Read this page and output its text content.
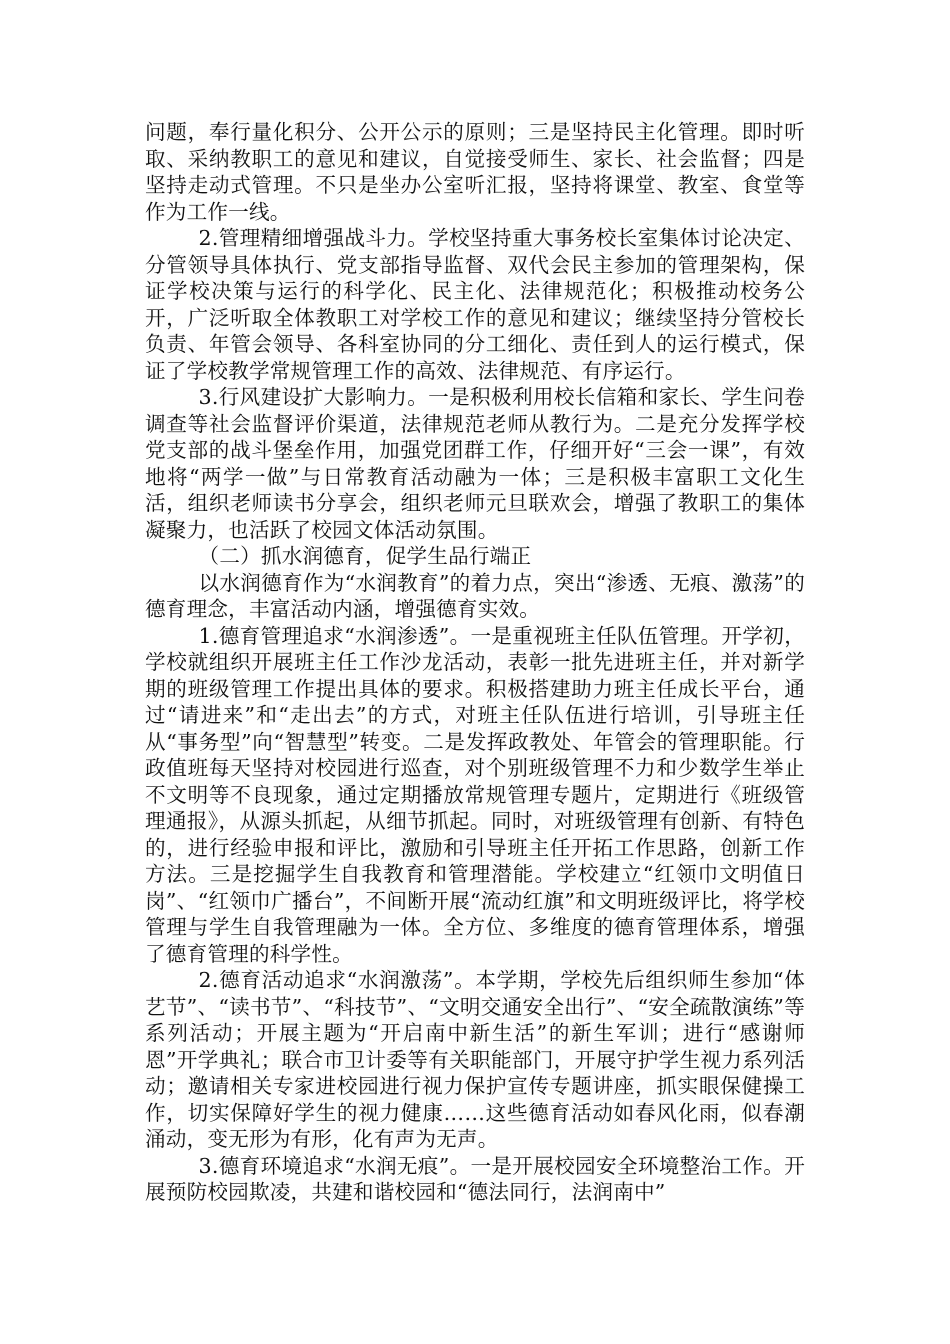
问题，奉行量化积分、公开公示的原则；三是坚持民主化管理。即时听取、采纳教职工的意见和建议，自觉接受师生、家长、社会监督；四是坚持走动式管理。不只是坐办公室听汇报，坚持将课堂、教室、食堂等作为工作一线。

2.管理精细增强战斗力。学校坚持重大事务校长室集体讨论决定、分管领导具体执行、党支部指导监督、双代会民主参加的管理架构，保证学校决策与运行的科学化、民主化、法律规范化；积极推动校务公开，广泛听取全体教职工对学校工作的意见和建议；继续坚持分管校长负责、年管会领导、各科室协同的分工细化、责任到人的运行模式，保证了学校教学常规管理工作的高效、法律规范、有序运行。

3.行风建设扩大影响力。一是积极利用校长信箱和家长、学生问卷调查等社会监督评价渠道，法律规范老师从教行为。二是充分发挥学校党支部的战斗堡垒作用，加强党团群工作，仔细开好“三会一课”，有效地将“两学一做”与日常教育活动融为一体；三是积极丰富职工文化生活，组织老师读书分享会，组织老师元旦联欢会，增强了教职工的集体凝聚力，也活跃了校园文体活动氛围。

（二）抓水润德育，促学生品行端正

以水润德育作为“水润教育”的着力点，突出“渗透、无痕、激荡”的德育理念，丰富活动内涵，增强德育实效。

1.德育管理追求“水润渗透”。一是重视班主任队伍管理。开学初，学校就组织开展班主任工作沙龙活动，表彰一批先进班主任，并对新学期的班级管理工作提出具体的要求。积极搭建助力班主任成长平台，通过“请进来”和“走出去”的方式，对班主任队伍进行培训，引导班主任从“事务型”向“智慧型”转变。二是发挥政教处、年管会的管理职能。行政值班每天坚持对校园进行巡查，对个别班级管理不力和少数学生举止不文明等不良现象，通过定期播放常规管理专题片，定期进行《班级管理通报》，从源头抓起，从细节抓起。同时，对班级管理有创新、有特色的，进行经验申报和评比，激励和引导班主任开拓工作思路，创新工作方法。三是挖掘学生自我教育和管理潜能。学校建立“红领巾文明值日岗”、“红领巾广播台”，不间断开展“流动红旗”和文明班级评比，将学校管理与学生自我管理融为一体。全方位、多维度的德育管理体系，增强了德育管理的科学性。

2.德育活动追求“水润激荡”。本学期，学校先后组织师生参加“体艺节”、“读书节”、“科技节”、“文明交通安全出行”、“安全疏散演练”等系列活动；开展主题为“开启南中新生活”的新生军训；进行“感谢师恩”开学典礼；联合市卫计委等有关职能部门，开展守护学生视力系列活动；邀请相关专家进校园进行视力保护宣传专题讲座，抓实眼保健操工作，切实保障好学生的视力健康……这些德育活动如春风化雨，似春潮涌动，变无形为有形，化有声为无声。

3.德育环境追求“水润无痕”。一是开展校园安全环境整治工作。开展预防校园欺凌，共建和谐校园和“德法同行，法润南中”
